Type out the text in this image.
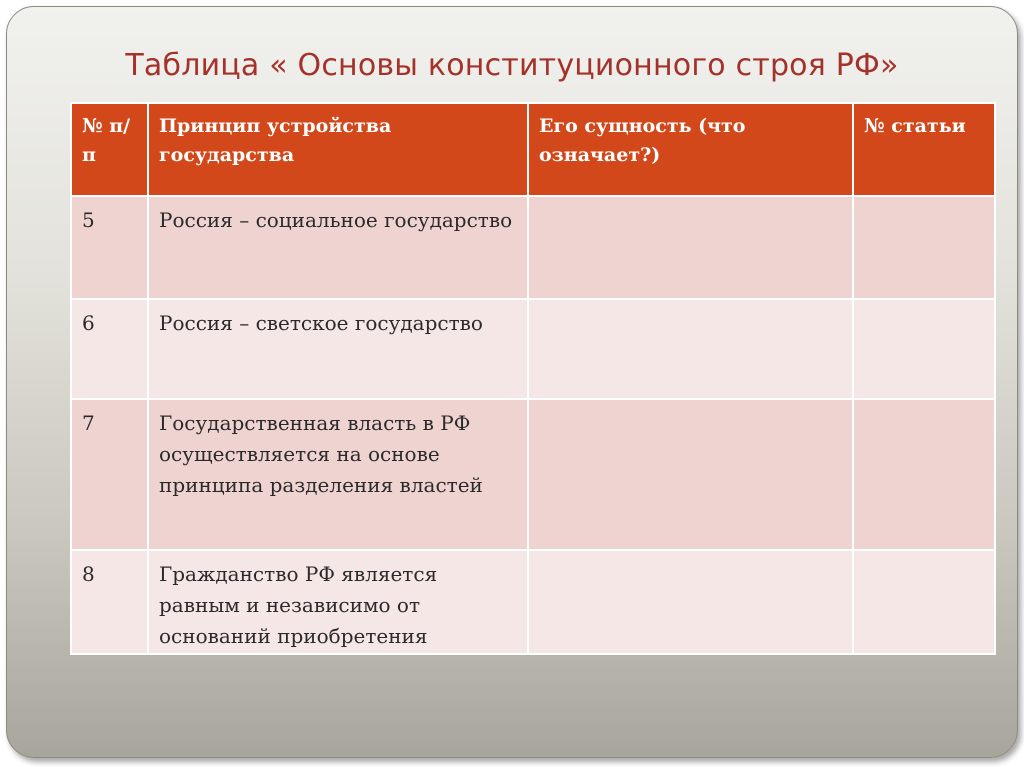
Таблица « Основы конституционного строя РФ»
№ п/п	Принцип устройства государства	Его сущность (что означает?)	№ статьи
5	Россия – социальное государство		
6	Россия – светское государство		
7	Государственная власть в РФ осуществляется на основе принципа разделения властей		
8	Гражданство РФ является равным и независимо от оснований приобретения		
